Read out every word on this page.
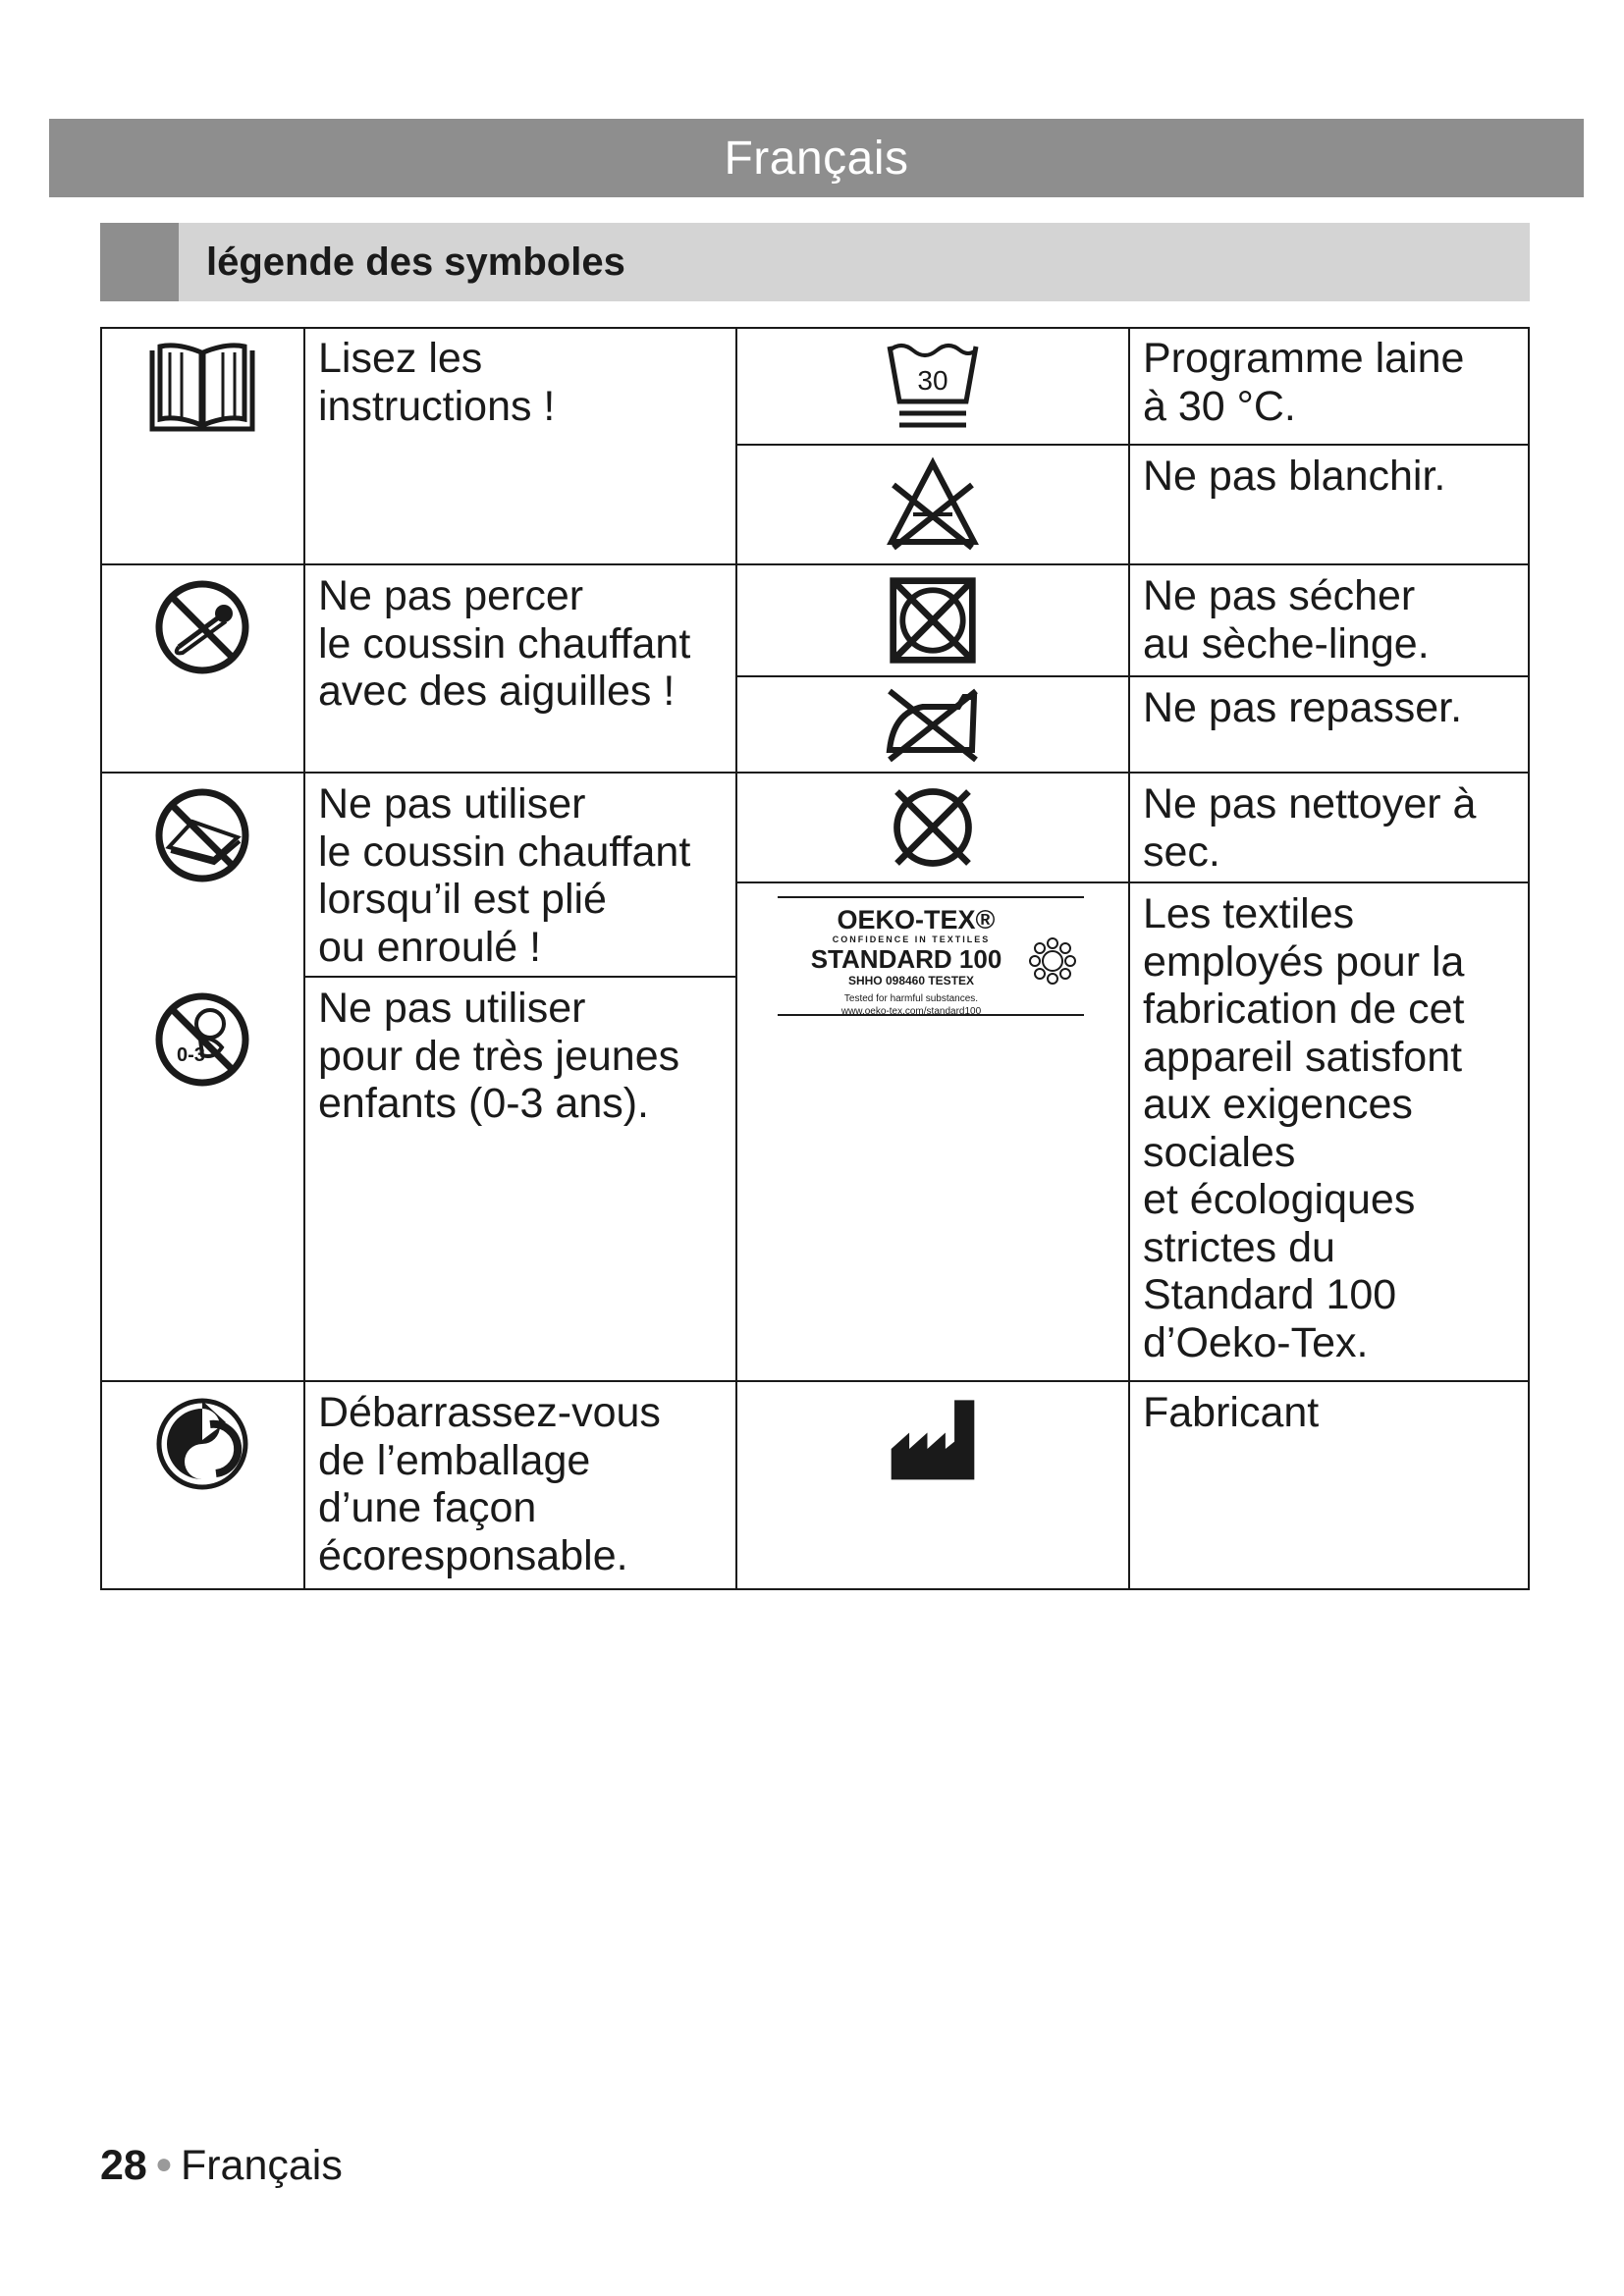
Français
légende des symboles
0-3
Lisez les
instructions !
Ne pas percer
le coussin chauffant
avec des aiguilles !
Ne pas utiliser
le coussin chauffant
lorsqu’il est plié
ou enroulé !
Ne pas utiliser
pour de très jeunes
enfants (0-3 ans).
Débarrassez-vous
de l’emballage
d’une façon
écoresponsable.
30
OEKO-TEX®
CONFIDENCE IN TEXTILES
STANDARD 100
SHHO 098460 TESTEX
Tested for harmful substances.
www.oeko-tex.com/standard100
Programme laine
à 30 °C.
Ne pas blanchir.
Ne pas sécher
au sèche-linge.
Ne pas repasser.
Ne pas nettoyer à
sec.
Les textiles
employés pour la
fabrication de cet
appareil satisfont
aux exigences
sociales
et écologiques
strictes du
Standard 100
d’Oeko-Tex.
Fabricant
28 ● Français
